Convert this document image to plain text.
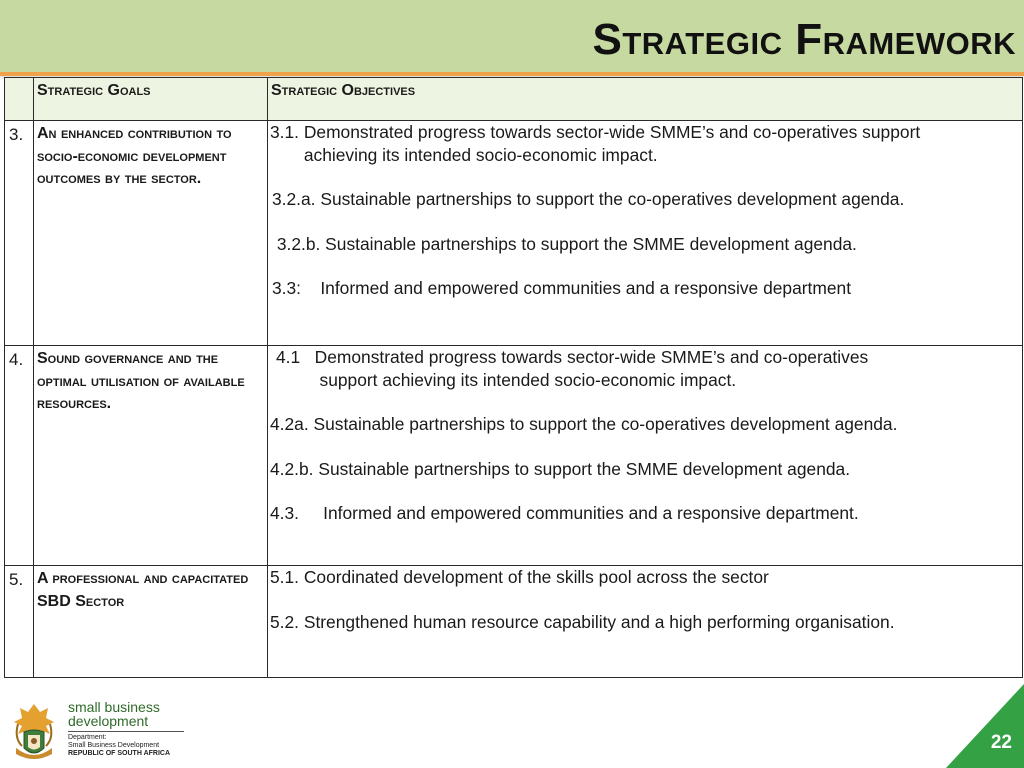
Strategic Framework

	Strategic Goals	Strategic Objectives

3.	An enhanced contribution to socio-economic development outcomes by the sector.	3.1. Demonstrated progress towards sector-wide SMME’s and co-operatives support
achieving its intended socio-economic impact.
3.2.a. Sustainable partnerships to support the co-operatives development agenda.
3.2.b. Sustainable partnerships to support the SMME development agenda.
3.3:    Informed and empowered communities and a responsive department

4.	Sound governance and the optimal utilisation of available resources.	4.1   Demonstrated progress towards sector-wide SMME’s and co-operatives
support achieving its intended socio-economic impact.
4.2a. Sustainable partnerships to support the co-operatives development agenda.
4.2.b. Sustainable partnerships to support the SMME development agenda.
4.3.     Informed and empowered communities and a responsive department.

5.	A professional and capacitated SBD Sector	5.1. Coordinated development of the skills pool across the sector
5.2. Strengthened human resource capability and a high performing organisation.
small business
development
Department:
Small Business Development
REPUBLIC OF SOUTH AFRICA
22
